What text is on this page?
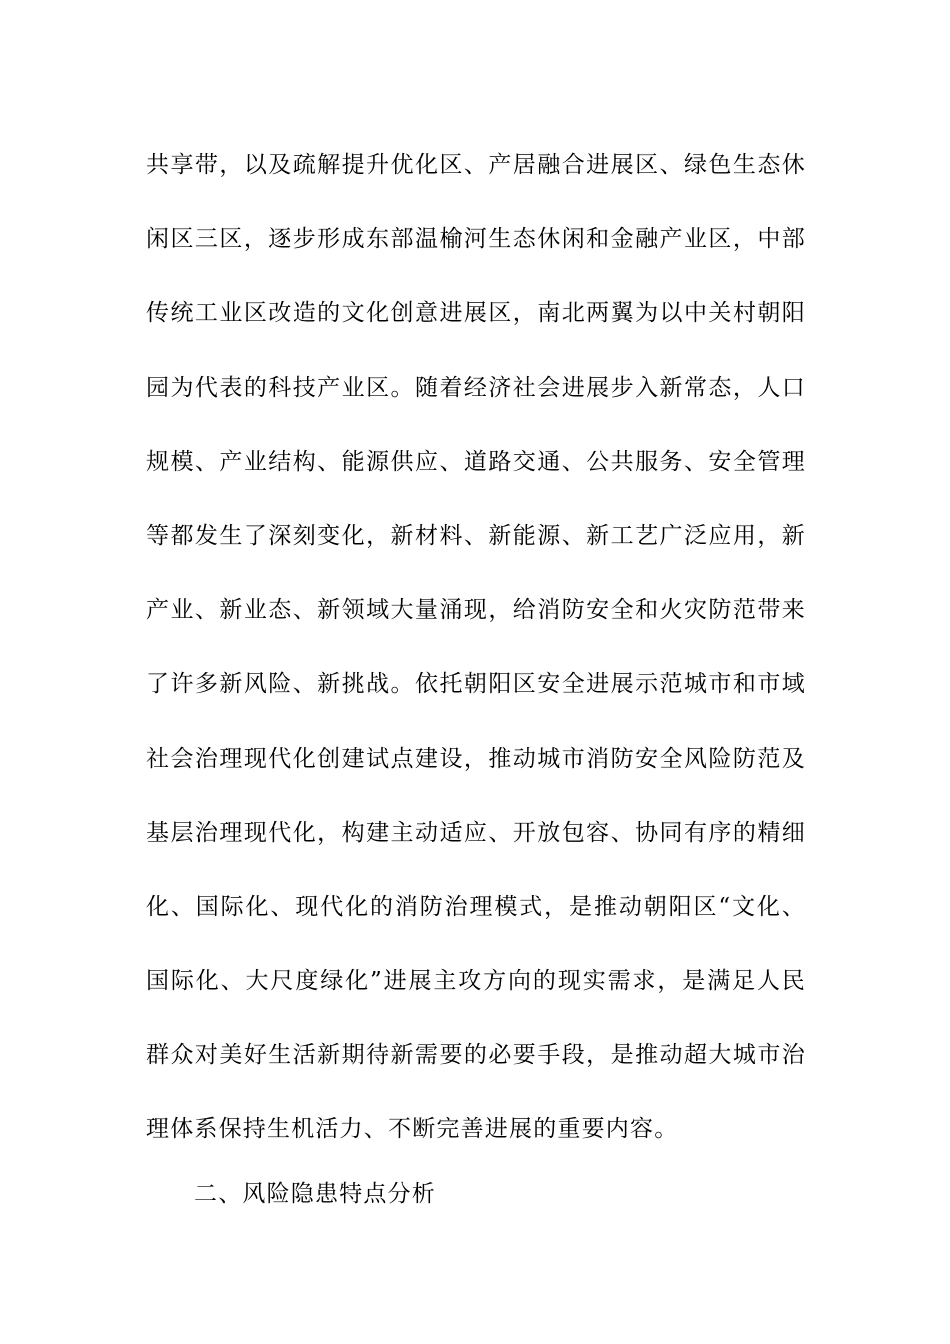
共享带，以及疏解提升优化区、产居融合进展区、绿色生态休
闲区三区，逐步形成东部温榆河生态休闲和金融产业区，中部
传统工业区改造的文化创意进展区，南北两翼为以中关村朝阳
园为代表的科技产业区。随着经济社会进展步入新常态，人口
规模、产业结构、能源供应、道路交通、公共服务、安全管理
等都发生了深刻变化，新材料、新能源、新工艺广泛应用，新
产业、新业态、新领域大量涌现，给消防安全和火灾防范带来
了许多新风险、新挑战。依托朝阳区安全进展示范城市和市域
社会治理现代化创建试点建设，推动城市消防安全风险防范及
基层治理现代化，构建主动适应、开放包容、协同有序的精细
化、国际化、现代化的消防治理模式，是推动朝阳区“文化、
国际化、大尺度绿化”进展主攻方向的现实需求，是满足人民
群众对美好生活新期待新需要的必要手段，是推动超大城市治
理体系保持生机活力、不断完善进展的重要内容。
二、风险隐患特点分析
